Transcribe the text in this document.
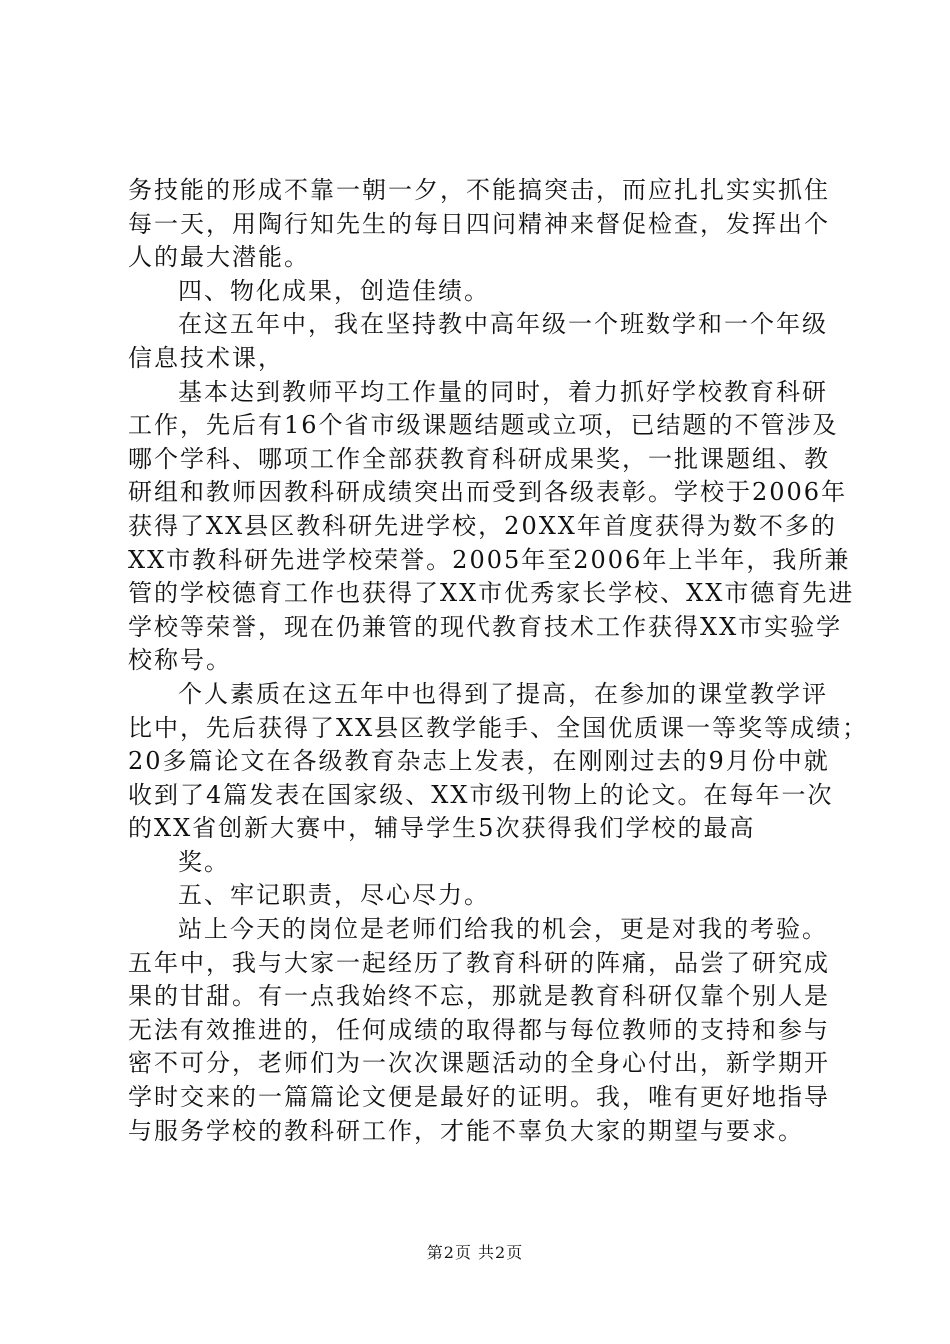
务技能的形成不靠一朝一夕，不能搞突击，而应扎扎实实抓住
每一天，用陶行知先生的每日四问精神来督促检查，发挥出个
人的最大潜能。
四、物化成果，创造佳绩。
在这五年中，我在坚持教中高年级一个班数学和一个年级
信息技术课，
基本达到教师平均工作量的同时，着力抓好学校教育科研
工作，先后有16个省市级课题结题或立项，已结题的不管涉及
哪个学科、哪项工作全部获教育科研成果奖，一批课题组、教
研组和教师因教科研成绩突出而受到各级表彰。学校于2006年
获得了XX县区教科研先进学校，20XX年首度获得为数不多的
XX市教科研先进学校荣誉。2005年至2006年上半年，我所兼
管的学校德育工作也获得了XX市优秀家长学校、XX市德育先进
学校等荣誉，现在仍兼管的现代教育技术工作获得XX市实验学
校称号。
个人素质在这五年中也得到了提高，在参加的课堂教学评
比中，先后获得了XX县区教学能手、全国优质课一等奖等成绩；
20多篇论文在各级教育杂志上发表，在刚刚过去的9月份中就
收到了4篇发表在国家级、XX市级刊物上的论文。在每年一次
的XX省创新大赛中，辅导学生5次获得我们学校的最高
奖。
五、牢记职责，尽心尽力。
站上今天的岗位是老师们给我的机会，更是对我的考验。
五年中，我与大家一起经历了教育科研的阵痛，品尝了研究成
果的甘甜。有一点我始终不忘，那就是教育科研仅靠个别人是
无法有效推进的，任何成绩的取得都与每位教师的支持和参与
密不可分，老师们为一次次课题活动的全身心付出，新学期开
学时交来的一篇篇论文便是最好的证明。我，唯有更好地指导
与服务学校的教科研工作，才能不辜负大家的期望与要求。
第2页 共2页
